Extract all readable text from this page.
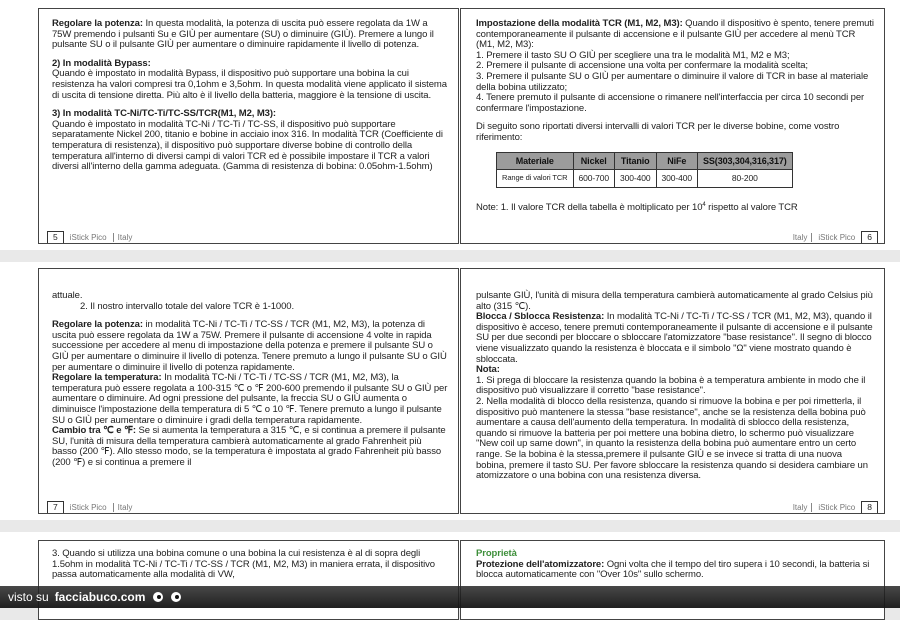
Regolare la potenza: In questa modalità, la potenza di uscita può essere regolata da 1W a 75W premendo i pulsanti Su e GIÙ per aumentare (SU) o diminuire (GIÙ). Premere a lungo il pulsante SU o il pulsante GIÙ per aumentare o diminuire rapidamente il livello di potenza.

2) In modalità Bypass:
Quando è impostato in modalità Bypass, il dispositivo può supportare una bobina la cui resistenza ha valori compresi tra 0,1ohm e 3,5ohm. In questa modalità viene applicato il sistema di uscita di tensione diretta. Più alto è il livello della batteria, maggiore è la tensione di uscita.

3) In modalità TC-Ni/TC-Ti/TC-SS/TCR(M1, M2, M3):
Quando è impostato in modalità TC-Ni / TC-Ti / TC-SS, il dispositivo può supportare separatamente Nickel 200, titanio e bobine in acciaio inox 316. In modalità TCR (Coefficiente di temperatura di resistenza), il dispositivo può supportare diverse bobine di controllo della temperatura all'interno di diversi campi di valori TCR ed è possibile impostare il TCR a valori diversi all'interno della gamma adeguata. (Gamma di resistenza di bobina: 0.05ohm-1.5ohm)

5	iStick Pico	Italy

Impostazione della modalità TCR (M1, M2, M3): Quando il dispositivo è spento, tenere premuti contemporaneamente il pulsante di accensione e il pulsante GIÙ per accedere al menù TCR (M1, M2, M3):

1. Premere il tasto SU O GIÙ per scegliere una tra le modalità M1, M2 e M3;
2. Premere il pulsante di accensione una volta per confermare la modalità scelta;
3. Premere il pulsante SU o GIÙ per aumentare o diminuire il valore di TCR in base al materiale della bobina utilizzato;
4. Tenere premuto il pulsante di accensione o rimanere nell'interfaccia per circa 10 secondi per confermare l'impostazione.

Di seguito sono riportati diversi intervalli di valori TCR per le diverse bobine, come vostro riferimento:

Materiale	Nickel	Titanio	NiFe	SS(303,304,316,317)
Range di valori TCR	600-700	300-400	300-400	80-200
Note: 1. Il valore TCR della tabella è moltiplicato per $10^4$ rispetto al valore TCR
Italy	iStick Pico	6
attuale.
2. Il nostro intervallo totale del valore TCR è 1-1000.

Regolare la potenza: in modalità TC-Ni / TC-Ti / TC-SS / TCR (M1, M2, M3), la potenza di uscita può essere regolata da 1W a 75W. Premere il pulsante di accensione 4 volte in rapida successione per accedere al menu di impostazione della potenza e premere il pulsante SU o GIÙ per aumentare o diminuire il livello di potenza. Tenere premuto a lungo il pulsante SU o GIÙ per aumentare o diminuire il livello di potenza rapidamente.

Regolare la temperatura: In modalità TC-Ni / TC-Ti / TC-SS / TCR (M1, M2, M3), la temperatura può essere regolata a 100-315 ℃ o ℉ 200-600 premendo il pulsante SU o GIÙ per aumentare o diminuire. Ad ogni pressione del pulsante, la freccia SU o GIÙ aumenta o diminuisce l'impostazione della temperatura di 5 ℃ o 10 ℉. Tenere premuto a lungo il pulsante SU o GIÙ per aumentare o diminuire i gradi della temperatura rapidamente.

Cambio tra ℃ e ℉: Se si aumenta la temperatura a 315 ℃, e si continua a premere il pulsante SU, l'unità di misura della temperatura cambierà automaticamente al grado Fahrenheit più basso (200 ℉). Allo stesso modo, se la temperatura è impostata al grado Fahrenheit più basso (200 ℉) e si continua a premere il

7	iStick Pico	Italy
pulsante GIÙ, l'unità di misura della temperatura cambierà automaticamente al grado Celsius più alto (315 ℃).

Blocca / Sblocca Resistenza: In modalità TC-Ni / TC-Ti / TC-SS / TCR (M1, M2, M3), quando il dispositivo è acceso, tenere premuti contemporaneamente il pulsante di accensione e il pulsante SU per due secondi per bloccare o sbloccare l'atomizzatore "base resistance". Il segno di blocco viene visualizzato quando la resistenza è bloccata e il simbolo "Ω" viene mostrato quando è sbloccata.

Nota:
1. Si prega di bloccare la resistenza quando la bobina è a temperatura ambiente in modo che il dispositivo può visualizzare il corretto "base resistance".
2. Nella modalità di blocco della resistenza, quando si rimuove la bobina e per poi rimetterla, il dispositivo può mantenere la stessa "base resistance", anche se la resistenza della bobina può aumentare a causa dell'aumento della temperatura. In modalità di sblocco della resistenza, quando si rimuove la batteria per poi mettere una bobina dietro, lo schermo può visualizzare "New coil up same down", in quanto la resistenza della bobina può aumentare entro un certo range. Se la bobina è la stessa,premere il pulsante GIÙ e se invece si tratta di una nuova bobina, premere il tasto SU. Per favore sbloccare la resistenza quando si desidera cambiare un atomizzatore o una bobina con una resistenza diversa.
Italy	iStick Pico	8
3. Quando si utilizza una bobina comune o una bobina la cui resistenza è al di sopra degli 1.5ohm in modalità TC-Ni / TC-Ti / TC-SS / TCR (M1, M2, M3) in maniera errata, il dispositivo passa automaticamente alla modalità di VW,
Proprietà
Protezione dell'atomizzatore: Ogni volta che il tempo del tiro supera i 10 secondi, la batteria si blocca automaticamente con "Over 10s" sullo schermo.
visto su facciabuco.com
